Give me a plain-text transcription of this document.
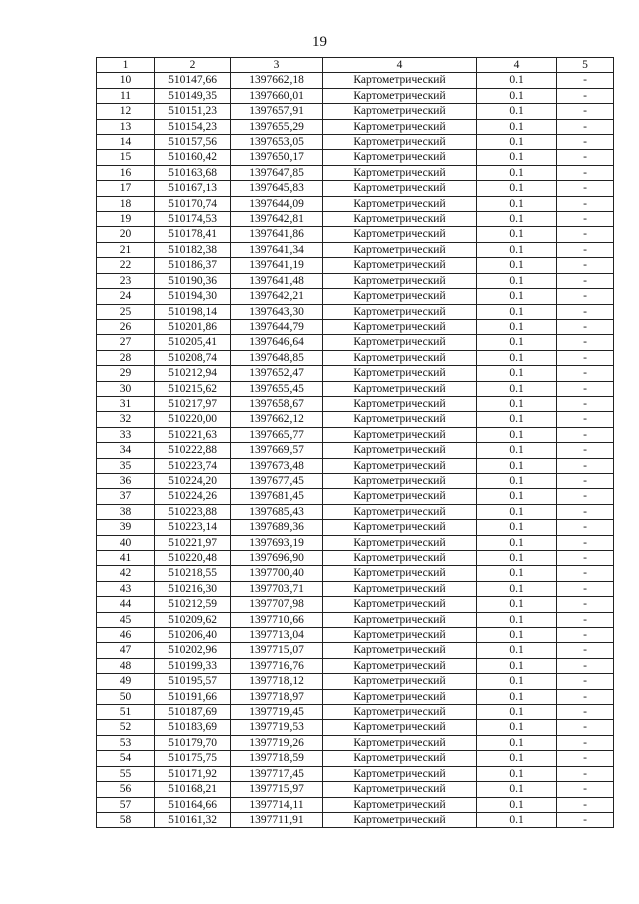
19
1	2	3	4	4	5
10	510147,66	1397662,18	Картометрический	0.1	-
11	510149,35	1397660,01	Картометрический	0.1	-
12	510151,23	1397657,91	Картометрический	0.1	-
13	510154,23	1397655,29	Картометрический	0.1	-
14	510157,56	1397653,05	Картометрический	0.1	-
15	510160,42	1397650,17	Картометрический	0.1	-
16	510163,68	1397647,85	Картометрический	0.1	-
17	510167,13	1397645,83	Картометрический	0.1	-
18	510170,74	1397644,09	Картометрический	0.1	-
19	510174,53	1397642,81	Картометрический	0.1	-
20	510178,41	1397641,86	Картометрический	0.1	-
21	510182,38	1397641,34	Картометрический	0.1	-
22	510186,37	1397641,19	Картометрический	0.1	-
23	510190,36	1397641,48	Картометрический	0.1	-
24	510194,30	1397642,21	Картометрический	0.1	-
25	510198,14	1397643,30	Картометрический	0.1	-
26	510201,86	1397644,79	Картометрический	0.1	-
27	510205,41	1397646,64	Картометрический	0.1	-
28	510208,74	1397648,85	Картометрический	0.1	-
29	510212,94	1397652,47	Картометрический	0.1	-
30	510215,62	1397655,45	Картометрический	0.1	-
31	510217,97	1397658,67	Картометрический	0.1	-
32	510220,00	1397662,12	Картометрический	0.1	-
33	510221,63	1397665,77	Картометрический	0.1	-
34	510222,88	1397669,57	Картометрический	0.1	-
35	510223,74	1397673,48	Картометрический	0.1	-
36	510224,20	1397677,45	Картометрический	0.1	-
37	510224,26	1397681,45	Картометрический	0.1	-
38	510223,88	1397685,43	Картометрический	0.1	-
39	510223,14	1397689,36	Картометрический	0.1	-
40	510221,97	1397693,19	Картометрический	0.1	-
41	510220,48	1397696,90	Картометрический	0.1	-
42	510218,55	1397700,40	Картометрический	0.1	-
43	510216,30	1397703,71	Картометрический	0.1	-
44	510212,59	1397707,98	Картометрический	0.1	-
45	510209,62	1397710,66	Картометрический	0.1	-
46	510206,40	1397713,04	Картометрический	0.1	-
47	510202,96	1397715,07	Картометрический	0.1	-
48	510199,33	1397716,76	Картометрический	0.1	-
49	510195,57	1397718,12	Картометрический	0.1	-
50	510191,66	1397718,97	Картометрический	0.1	-
51	510187,69	1397719,45	Картометрический	0.1	-
52	510183,69	1397719,53	Картометрический	0.1	-
53	510179,70	1397719,26	Картометрический	0.1	-
54	510175,75	1397718,59	Картометрический	0.1	-
55	510171,92	1397717,45	Картометрический	0.1	-
56	510168,21	1397715,97	Картометрический	0.1	-
57	510164,66	1397714,11	Картометрический	0.1	-
58	510161,32	1397711,91	Картометрический	0.1	-
